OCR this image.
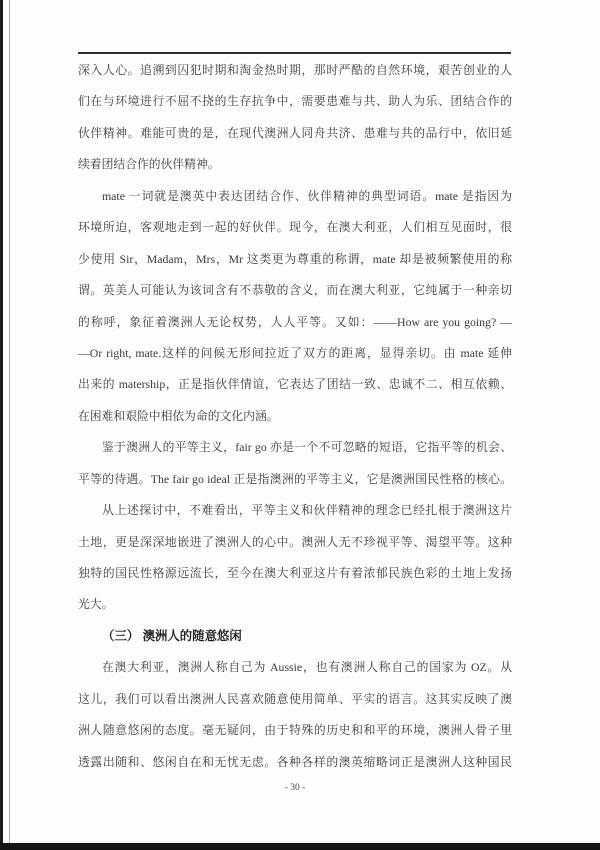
深入人心。追溯到囚犯时期和淘金热时期，那时严酷的自然环境，艰苦创业的人
们在与环境进行不屈不挠的生存抗争中，需要患难与共、助人为乐、团结合作的
伙伴精神。难能可贵的是，在现代澳洲人同舟共济、患难与共的品行中，依旧延
续着团结合作的伙伴精神。
mate 一词就是澳英中表达团结合作、伙伴精神的典型词语。mate 是指因为
环境所迫，客观地走到一起的好伙伴。现今，在澳大利亚，人们相互见面时，很
少使用 Sir，Madam，Mrs，Mr 这类更为尊重的称谓，mate 却是被频繁使用的称
谓。英美人可能认为该词含有不恭敬的含义，而在澳大利亚，它纯属于一种亲切
的称呼，象征着澳洲人无论权势，人人平等。又如：——How are you going? —
—Or right, mate.这样的问候无形间拉近了双方的距离，显得亲切。由 mate 延伸
出来的 matership，正是指伙伴情谊，它表达了团结一致、忠诚不二、相互依赖、
在困难和艰险中相依为命的文化内涵。
鉴于澳洲人的平等主义，fair go 亦是一个不可忽略的短语，它指平等的机会、
平等的待遇。The fair go ideal 正是指澳洲的平等主义，它是澳洲国民性格的核心。
从上述探讨中，不难看出，平等主义和伙伴精神的理念已经扎根于澳洲这片
土地，更是深深地嵌进了澳洲人的心中。澳洲人无不珍视平等、渴望平等。这种
独特的国民性格源远流长，至今在澳大利亚这片有着浓郁民族色彩的土地上发扬
光大。
（三） 澳洲人的随意悠闲
在澳大利亚，澳洲人称自己为 Aussie，也有澳洲人称自己的国家为 OZ。从
这儿，我们可以看出澳洲人民喜欢随意使用简单、平实的语言。这其实反映了澳
洲人随意悠闲的态度。毫无疑问，由于特殊的历史和和平的环境，澳洲人骨子里
透露出随和、悠闲自在和无忧无虑。各种各样的澳英缩略词正是澳洲人这种国民
- 30 -
